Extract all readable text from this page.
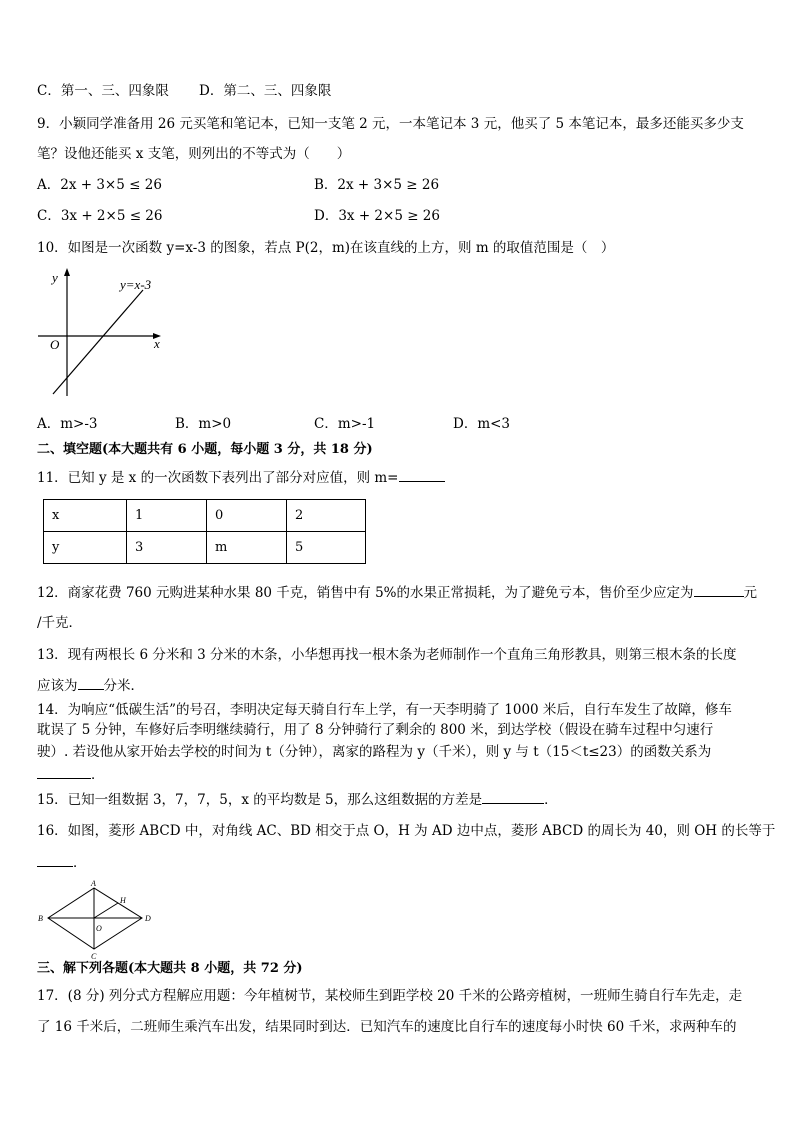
C．第一、三、四象限 D．第二、三、四象限
9．小颖同学准备用 26 元买笔和笔记本，已知一支笔 2 元，一本笔记本 3 元，他买了 5 本笔记本，最多还能买多少支
笔？设他还能买 x 支笔，则列出的不等式为（　　）
A．2x + 3×5 ≤ 26	B．2x + 3×5 ≥ 26
C．3x + 2×5 ≤ 26	D．3x + 2×5 ≥ 26
10．如图是一次函数 y=x-3 的图象，若点 P(2，m)在该直线的上方，则 m 的取值范围是（　）
y
x
O
y=x-3
A．m>-3	B．m>0	C．m>-1	D．m<3
二、填空题(本大题共有 6 小题，每小题 3 分，共 18 分)
11．已知 y 是 x 的一次函数下表列出了部分对应值，则 m=
x	1	0	2
y	3	m	5
12．商家花费 760 元购进某种水果 80 千克，销售中有 5%的水果正常损耗，为了避免亏本，售价至少应定为	元
/千克．
13．现有两根长 6 分米和 3 分米的木条，小华想再找一根木条为老师制作一个直角三角形教具，则第三根木条的长度
应该为 分米．
14．为响应“低碳生活”的号召，李明决定每天骑自行车上学，有一天李明骑了 1000 米后，自行车发生了故障，修车
耽误了 5 分钟，车修好后李明继续骑行，用了 8 分钟骑行了剩余的 800 米，到达学校（假设在骑车过程中匀速行
驶）. 若设他从家开始去学校的时间为 t（分钟），离家的路程为 y（千米），则 y 与 t（15＜t≤23）的函数关系为
．
15．已知一组数据 3，7，7，5，x 的平均数是 5，那么这组数据的方差是	．
16．如图，菱形 ABCD 中，对角线 AC、BD 相交于点 O，H 为 AD 边中点，菱形 ABCD 的周长为 40，则 OH 的长等于
．
A
B
C
D
H
O
三、解下列各题(本大题共 8 小题，共 72 分)
17．(8 分) 列分式方程解应用题：今年植树节，某校师生到距学校 20 千米的公路旁植树，一班师生骑自行车先走，走
了 16 千米后，二班师生乘汽车出发，结果同时到达．已知汽车的速度比自行车的速度每小时快 60 千米，求两种车的
